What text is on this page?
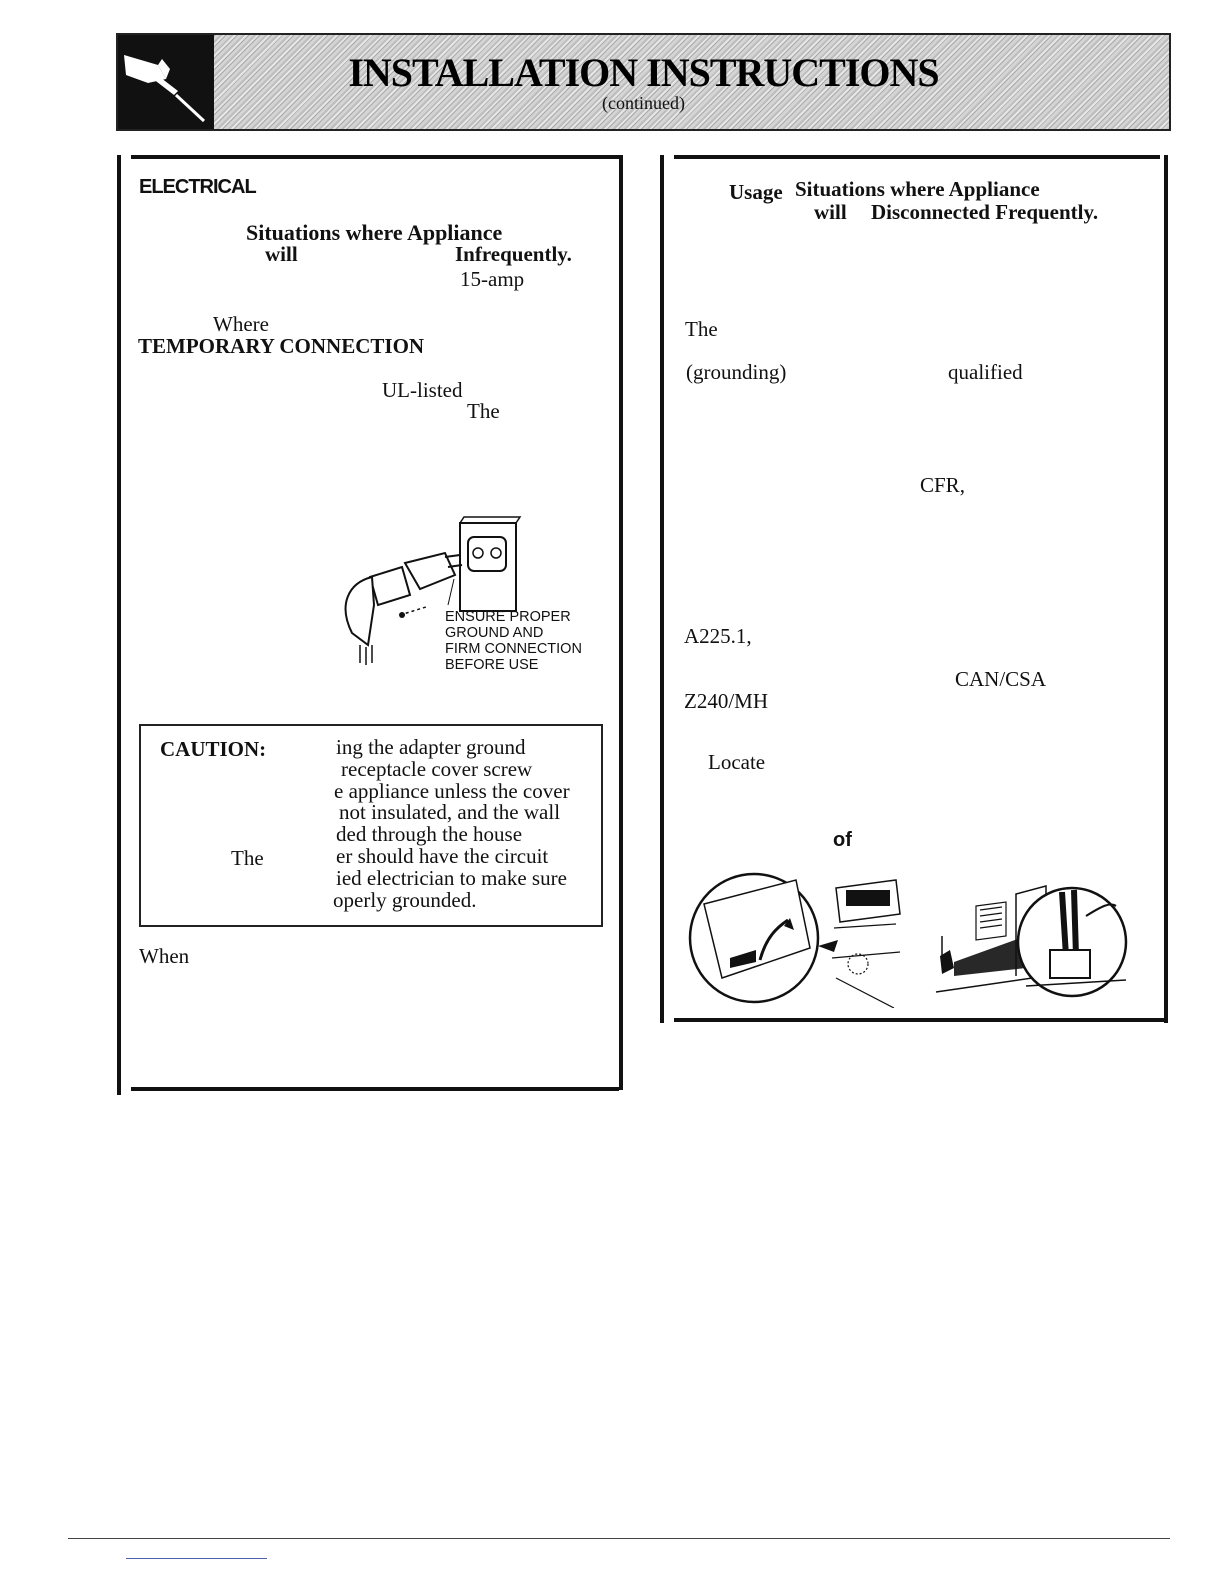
INSTALLATION INSTRUCTIONS
(continued)
ELECTRICAL
Situations where Appliance
will	Infrequently.
15-amp
Where
TEMPORARY CONNECTION
UL-listed
The
ENSURE PROPER
GROUND AND
FIRM CONNECTION
BEFORE USE
CAUTION:
The
ing the adapter ground
receptacle cover screw
e appliance unless the cover
not insulated, and the wall
ded through the house
er should have the circuit
ied electrician to make sure
operly grounded.
When
Usage Situations where Appliance
will Disconnected Frequently.
The
(grounding)	qualified
CFR,
A225.1,
CAN/CSA
Z240/MH
Locate
of
